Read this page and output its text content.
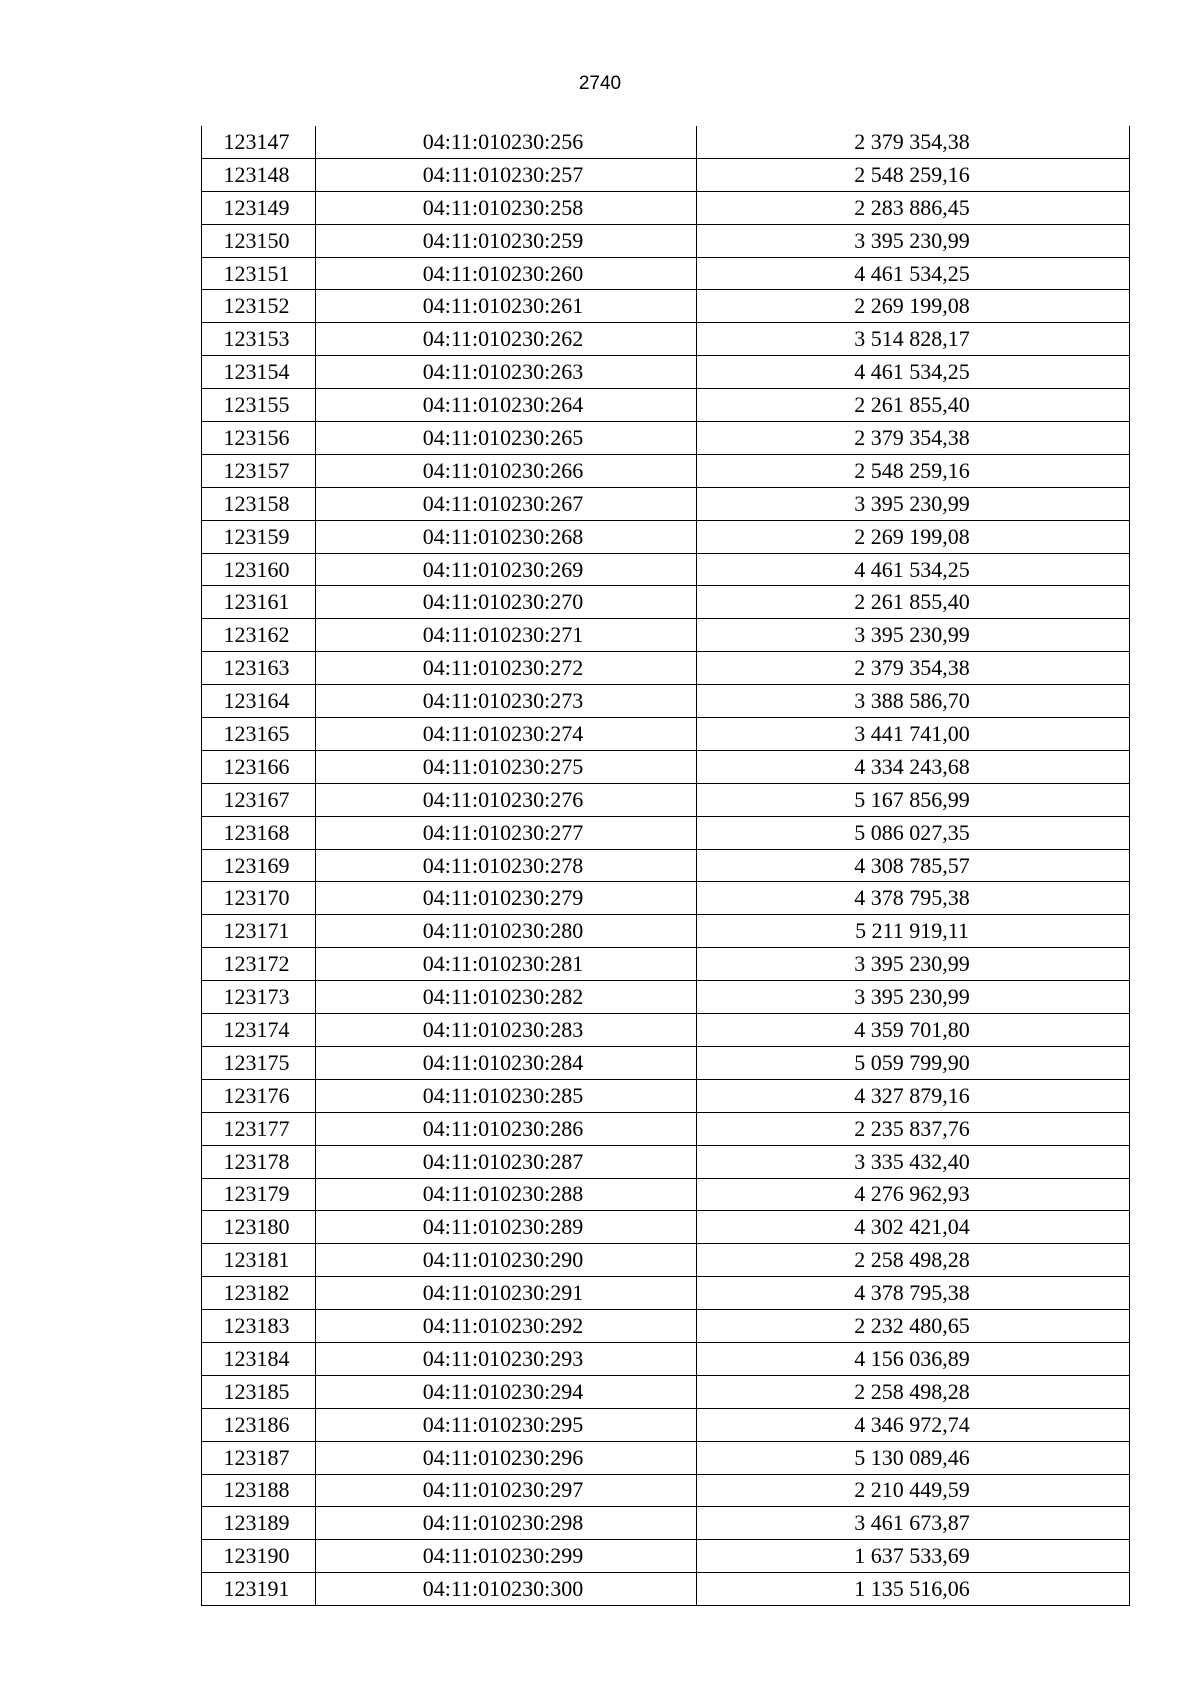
2740
123147	04:11:010230:256	2 379 354,38
123148	04:11:010230:257	2 548 259,16
123149	04:11:010230:258	2 283 886,45
123150	04:11:010230:259	3 395 230,99
123151	04:11:010230:260	4 461 534,25
123152	04:11:010230:261	2 269 199,08
123153	04:11:010230:262	3 514 828,17
123154	04:11:010230:263	4 461 534,25
123155	04:11:010230:264	2 261 855,40
123156	04:11:010230:265	2 379 354,38
123157	04:11:010230:266	2 548 259,16
123158	04:11:010230:267	3 395 230,99
123159	04:11:010230:268	2 269 199,08
123160	04:11:010230:269	4 461 534,25
123161	04:11:010230:270	2 261 855,40
123162	04:11:010230:271	3 395 230,99
123163	04:11:010230:272	2 379 354,38
123164	04:11:010230:273	3 388 586,70
123165	04:11:010230:274	3 441 741,00
123166	04:11:010230:275	4 334 243,68
123167	04:11:010230:276	5 167 856,99
123168	04:11:010230:277	5 086 027,35
123169	04:11:010230:278	4 308 785,57
123170	04:11:010230:279	4 378 795,38
123171	04:11:010230:280	5 211 919,11
123172	04:11:010230:281	3 395 230,99
123173	04:11:010230:282	3 395 230,99
123174	04:11:010230:283	4 359 701,80
123175	04:11:010230:284	5 059 799,90
123176	04:11:010230:285	4 327 879,16
123177	04:11:010230:286	2 235 837,76
123178	04:11:010230:287	3 335 432,40
123179	04:11:010230:288	4 276 962,93
123180	04:11:010230:289	4 302 421,04
123181	04:11:010230:290	2 258 498,28
123182	04:11:010230:291	4 378 795,38
123183	04:11:010230:292	2 232 480,65
123184	04:11:010230:293	4 156 036,89
123185	04:11:010230:294	2 258 498,28
123186	04:11:010230:295	4 346 972,74
123187	04:11:010230:296	5 130 089,46
123188	04:11:010230:297	2 210 449,59
123189	04:11:010230:298	3 461 673,87
123190	04:11:010230:299	1 637 533,69
123191	04:11:010230:300	1 135 516,06
